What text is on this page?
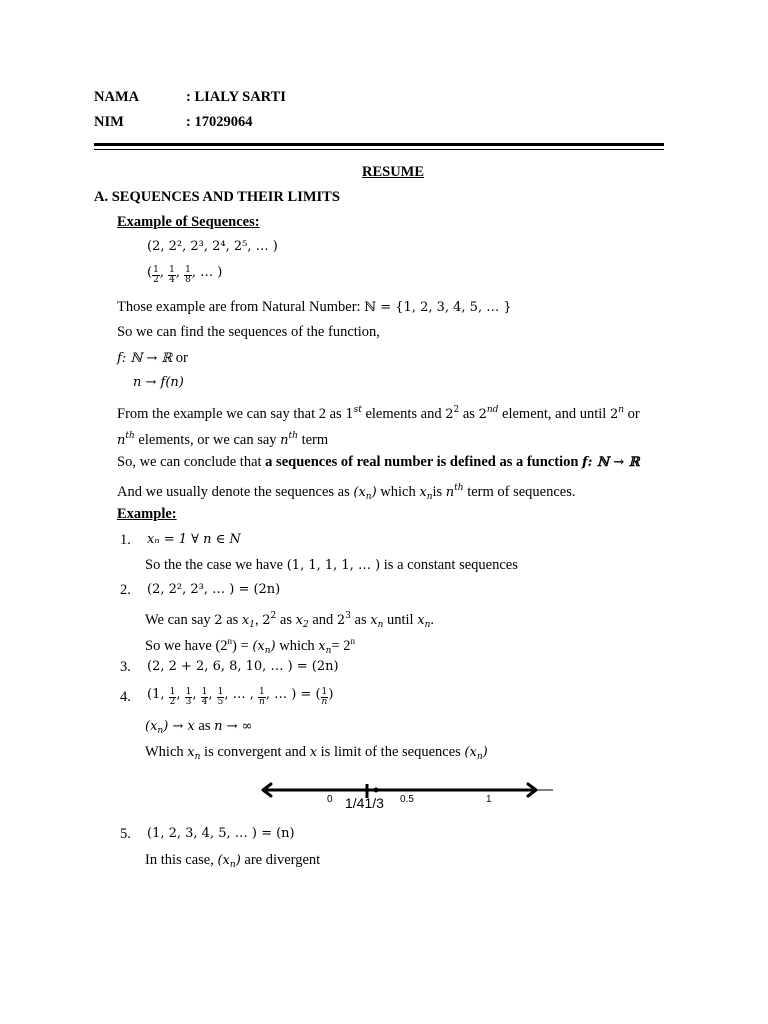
NAMA	: LIALY SARTI
NIM	: 17029064
RESUME
A. SEQUENCES AND THEIR LIMITS
Example of Sequences:
(2, 2², 2³, 2⁴, 2⁵, … )
( $\frac{1}{2}$ , $\frac{1}{4}$ , $\frac{1}{8}$ , … )
Those example are from Natural Number: ℕ = {1, 2, 3, 4, 5, … }
So we can find the sequences of the function,
f: ℕ → ℝ or
n → f(n)
From the example we can say that 2 as 1st elements and $2^2$ as 2nd element, and until 2$^n$ or
$n^{th}$ elements, or we can say $n^{th}$ term
So, we can conclude that a sequences of real number is defined as a function f: ℕ → ℝ
And we usually denote the sequences as $(x_n)$ which $x_nis$ $n^{th}$ term of sequences.
Example:
1. xₙ = 1 ∀ n ∈ N
So the the case we have (1, 1, 1, 1, … ) is a constant sequences
2. (2, 2², 2³, … ) = (2n)
We can say 2 as $x_1$, $2^2$ as $x_2$ and $2^3$ as $x_n$ until $x_n$.
So we have $(2^n) = (x_n)$ which $x_n= 2^n$
3. (2, 2 + 2, 6, 8, 10, … ) = (2n)
4. (1, $\frac{1}{2}$ , $\frac{1}{3}$ , $\frac{1}{4}$ , $\frac{1}{5}$ , … , $\frac{1}{n}$ , … ) = ( $\frac{1}{n}$ )
$(x_n) \to x$ as n → ∞
Which $x_n$ is convergent and x is limit of the sequences $(x_n)$
0 1/41/3 0.5	1
5. (1, 2, 3, 4, 5, … ) = (n)
In this case, $(x_n)$ are divergent
